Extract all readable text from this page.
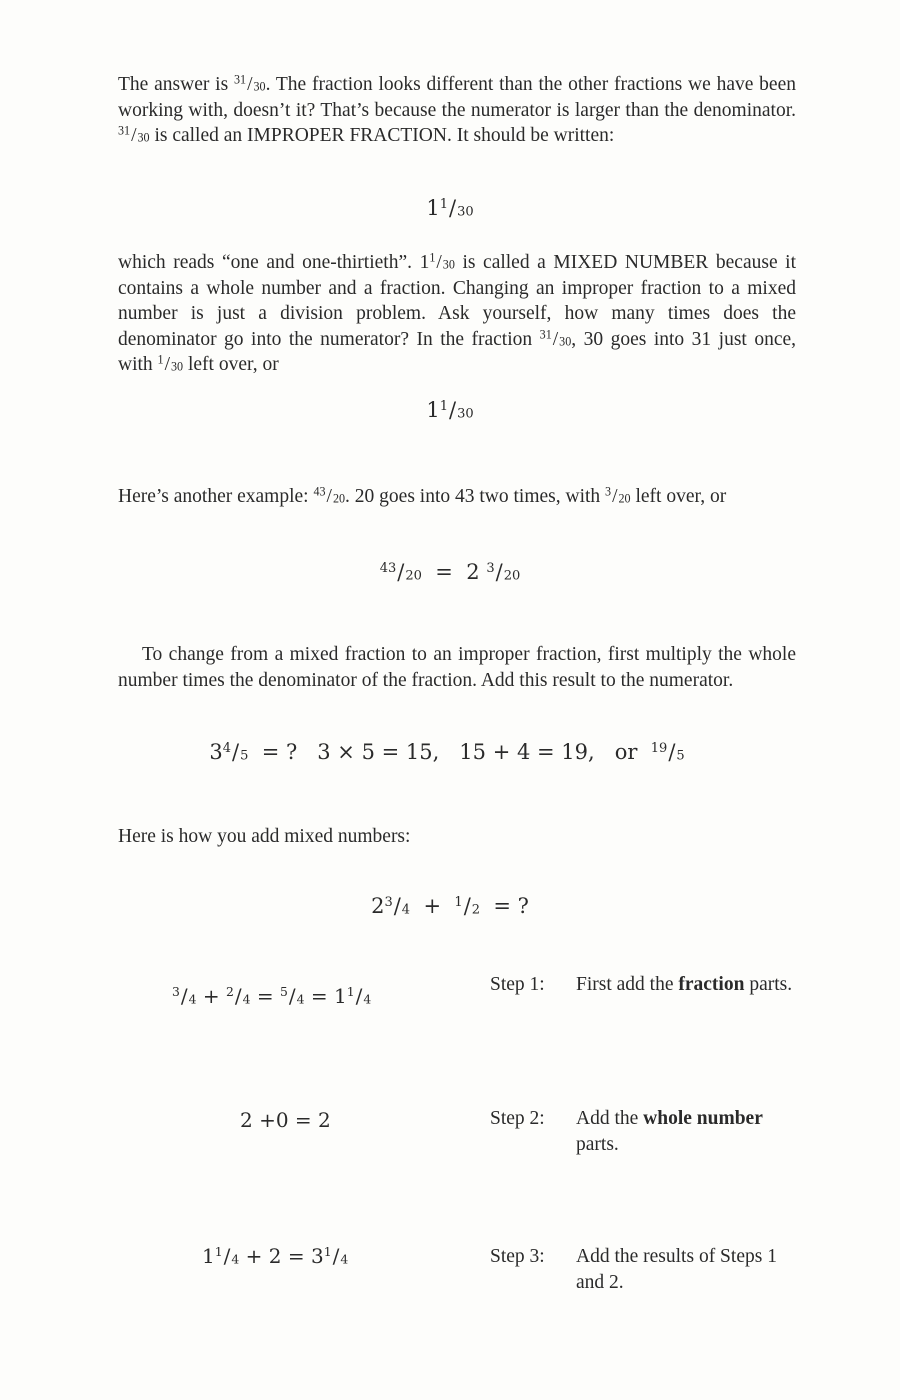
The answer is $^{31}/_{30}$. The fraction looks different than the other fractions we have been working with, doesn’t it? That’s because the numerator is larger than the denominator. $^{31}/_{30}$ is called an IMPROPER FRACTION. It should be written:

$1^1/_{30}$

which reads “one and one-thirtieth”. $1^1/_{30}$ is called a MIXED NUMBER because it contains a whole number and a fraction. Changing an improper fraction to a mixed number is just a division problem. Ask yourself, how many times does the denominator go into the numerator? In the fraction $^{31}/_{30}$, 30 goes into 31 just once, with $^1/_{30}$ left over, or

$1^1/_{30}$

Here’s another example: $^{43}/_{20}$. 20 goes into 43 two times, with $^3/_{20}$ left over, or

$^{43}/_{20} = 2$ $^3/_{20}$

To change from a mixed fraction to an improper fraction, first multiply the whole number times the denominator of the fraction. Add this result to the numerator.

$3^4/_5$ = ?   3 × 5 = 15,   15 + 4 = 19,   or $^{19}/_5$

Here is how you add mixed numbers:

$2^3/_4 + ^1/_2$ = ?

$^3/_4 + ^2/_4 = ^5/_4 = 1^1/_4$
Step 1: First add the fraction parts.
2 +0 = 2	Step 2: Add the whole number parts.
$1^1/_4 + 2 = 3^1/_4$	Step 3: Add the results of Steps 1 and 2.
